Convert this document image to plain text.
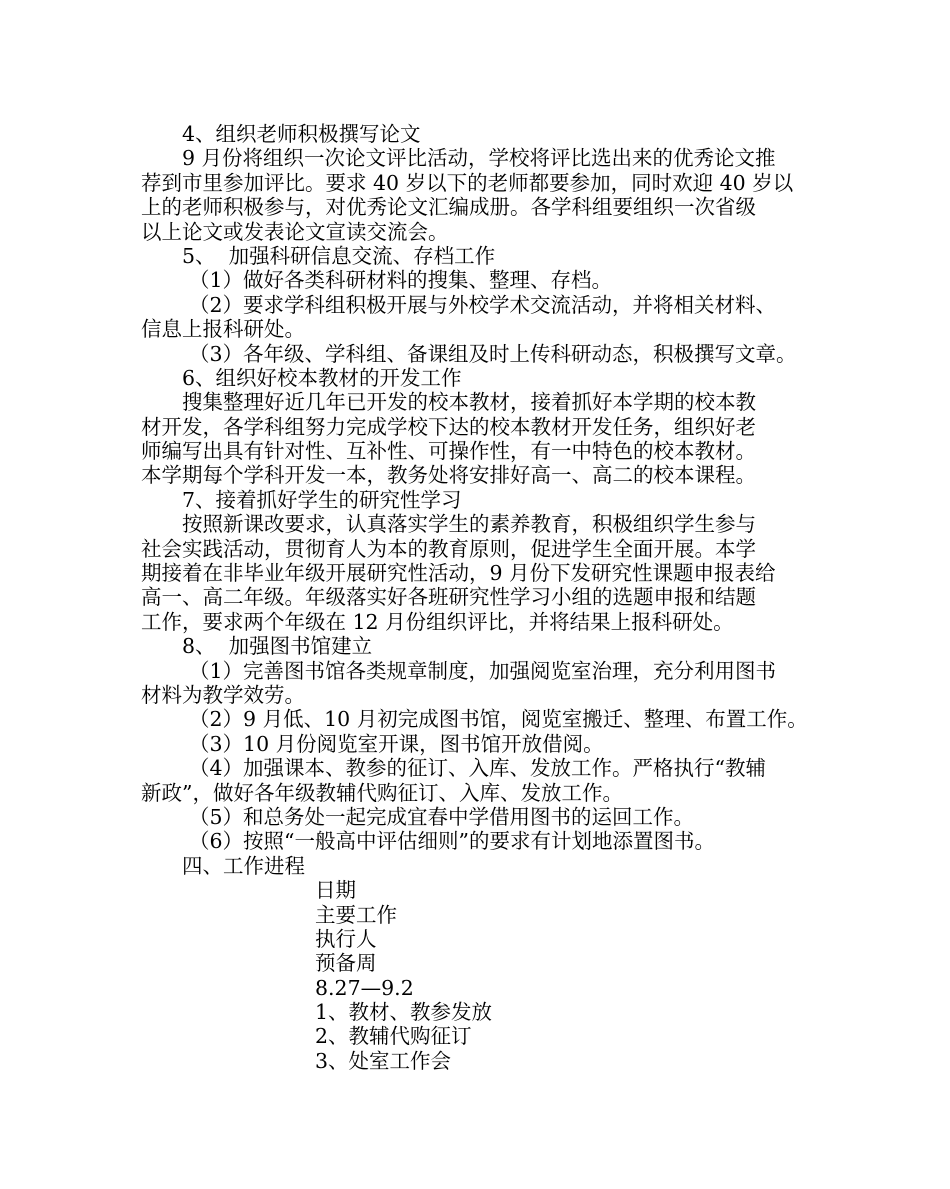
4、组织老师积极撰写论文
9 月份将组织一次论文评比活动，学校将评比选出来的优秀论文推
荐到市里参加评比。要求 40 岁以下的老师都要参加，同时欢迎 40 岁以
上的老师积极参与，对优秀论文汇编成册。各学科组要组织一次省级
以上论文或发表论文宣读交流会。
5、  加强科研信息交流、存档工作
（1）做好各类科研材料的搜集、整理、存档。
（2）要求学科组积极开展与外校学术交流活动，并将相关材料、
信息上报科研处。
（3）各年级、学科组、备课组及时上传科研动态，积极撰写文章。
6、组织好校本教材的开发工作
搜集整理好近几年已开发的校本教材，接着抓好本学期的校本教
材开发，各学科组努力完成学校下达的校本教材开发任务，组织好老
师编写出具有针对性、互补性、可操作性，有一中特色的校本教材。
本学期每个学科开发一本，教务处将安排好高一、高二的校本课程。
7、接着抓好学生的研究性学习
按照新课改要求，认真落实学生的素养教育，积极组织学生参与
社会实践活动，贯彻育人为本的教育原则，促进学生全面开展。本学
期接着在非毕业年级开展研究性活动，9 月份下发研究性课题申报表给
高一、高二年级。年级落实好各班研究性学习小组的选题申报和结题
工作，要求两个年级在 12 月份组织评比，并将结果上报科研处。
8、  加强图书馆建立
（1）完善图书馆各类规章制度，加强阅览室治理，充分利用图书
材料为教学效劳。
（2）9 月低、10 月初完成图书馆，阅览室搬迁、整理、布置工作。
（3）10 月份阅览室开课，图书馆开放借阅。
（4）加强课本、教参的征订、入库、发放工作。严格执行“教辅
新政”，做好各年级教辅代购征订、入库、发放工作。
（5）和总务处一起完成宜春中学借用图书的运回工作。
（6）按照“一般高中评估细则”的要求有计划地添置图书。
四、工作进程
日期
主要工作
执行人
预备周
8.27—9.2
1、教材、教参发放
2、教辅代购征订
3、处室工作会
